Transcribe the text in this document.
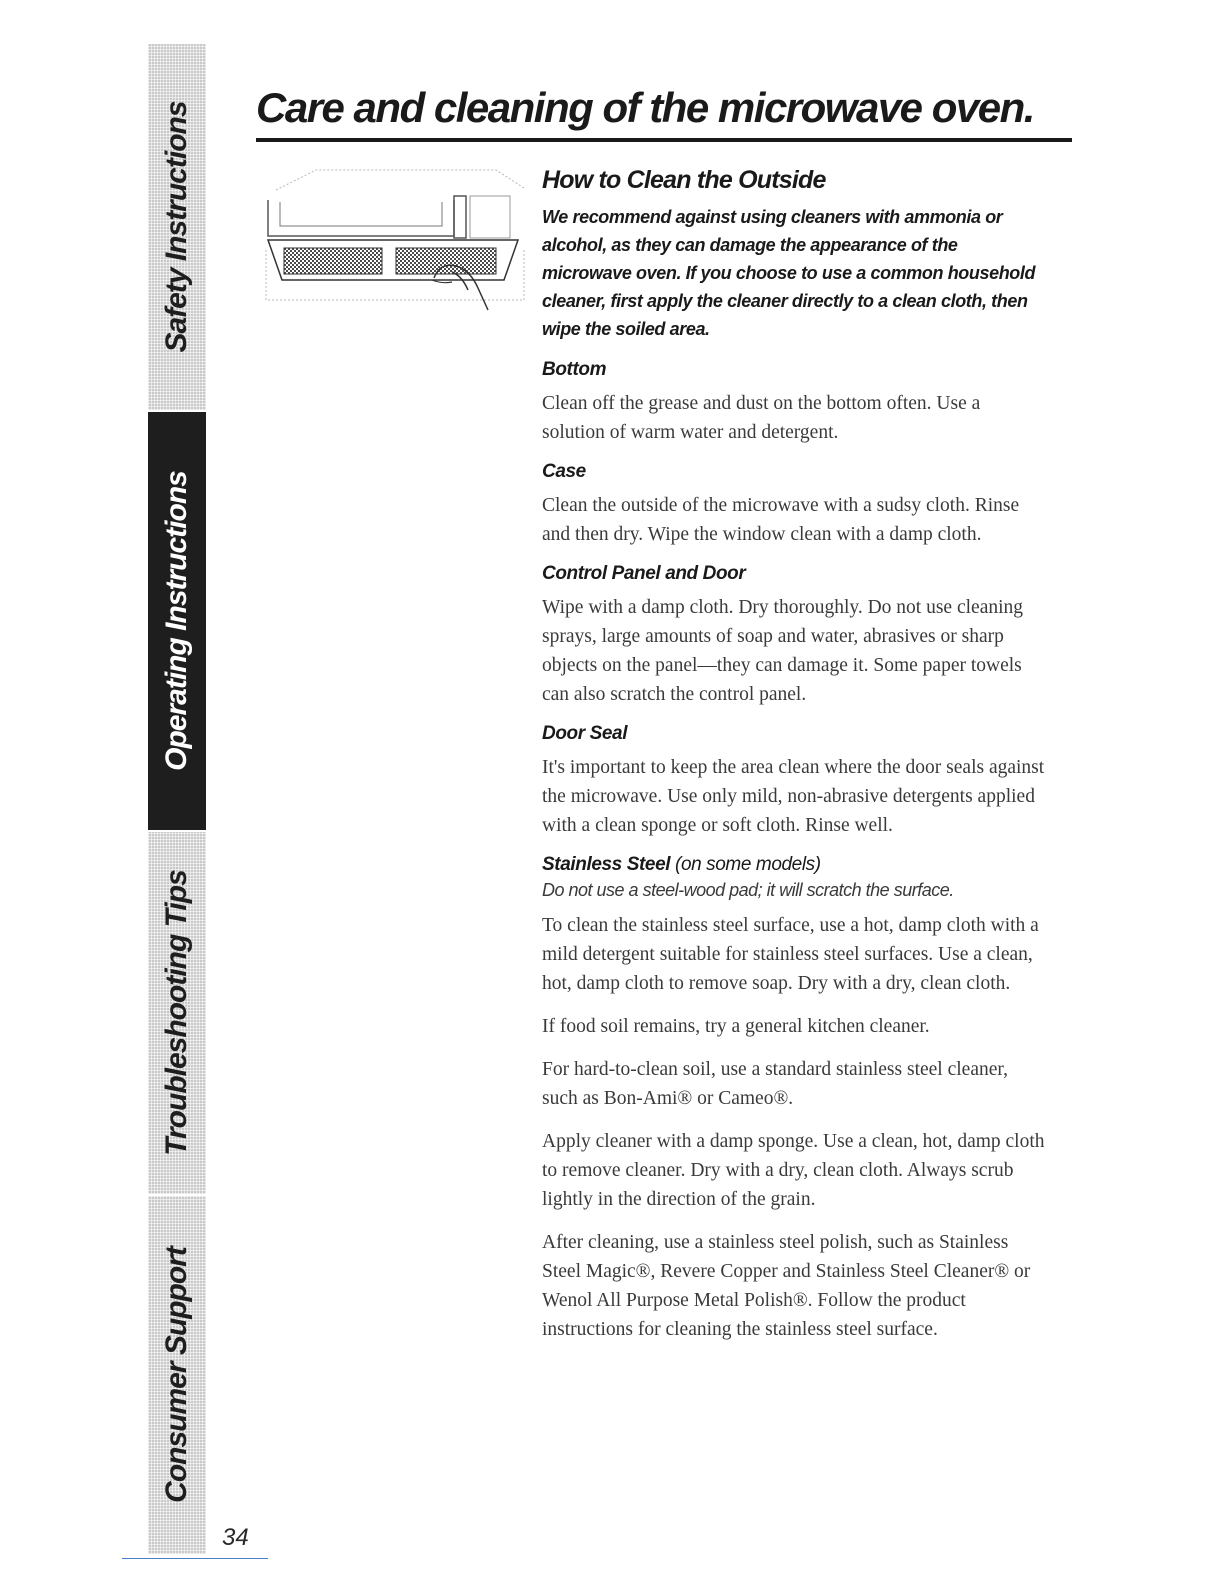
Safety Instructions
Operating Instructions
Troubleshooting Tips
Consumer Support
Care and cleaning of the microwave oven.
How to Clean the Outside

We recommend against using cleaners with ammonia or alcohol, as they can damage the appearance of the microwave oven. If you choose to use a common household cleaner, first apply the cleaner directly to a clean cloth, then wipe the soiled area.

Bottom

Clean off the grease and dust on the bottom often. Use a solution of warm water and detergent.

Case

Clean the outside of the microwave with a sudsy cloth. Rinse and then dry. Wipe the window clean with a damp cloth.

Control Panel and Door

Wipe with a damp cloth. Dry thoroughly. Do not use cleaning sprays, large amounts of soap and water, abrasives or sharp objects on the panel—they can damage it. Some paper towels can also scratch the control panel.

Door Seal

It's important to keep the area clean where the door seals against the microwave. Use only mild, non-abrasive detergents applied with a clean sponge or soft cloth. Rinse well.

Stainless Steel (on some models)

Do not use a steel-wood pad; it will scratch the surface.

To clean the stainless steel surface, use a hot, damp cloth with a mild detergent suitable for stainless steel surfaces. Use a clean, hot, damp cloth to remove soap. Dry with a dry, clean cloth.

If food soil remains, try a general kitchen cleaner.

For hard-to-clean soil, use a standard stainless steel cleaner, such as Bon-Ami® or Cameo®.

Apply cleaner with a damp sponge. Use a clean, hot, damp cloth to remove cleaner. Dry with a dry, clean cloth. Always scrub lightly in the direction of the grain.

After cleaning, use a stainless steel polish, such as Stainless Steel Magic®, Revere Copper and Stainless Steel Cleaner® or Wenol All Purpose Metal Polish®. Follow the product instructions for cleaning the stainless steel surface.

34
